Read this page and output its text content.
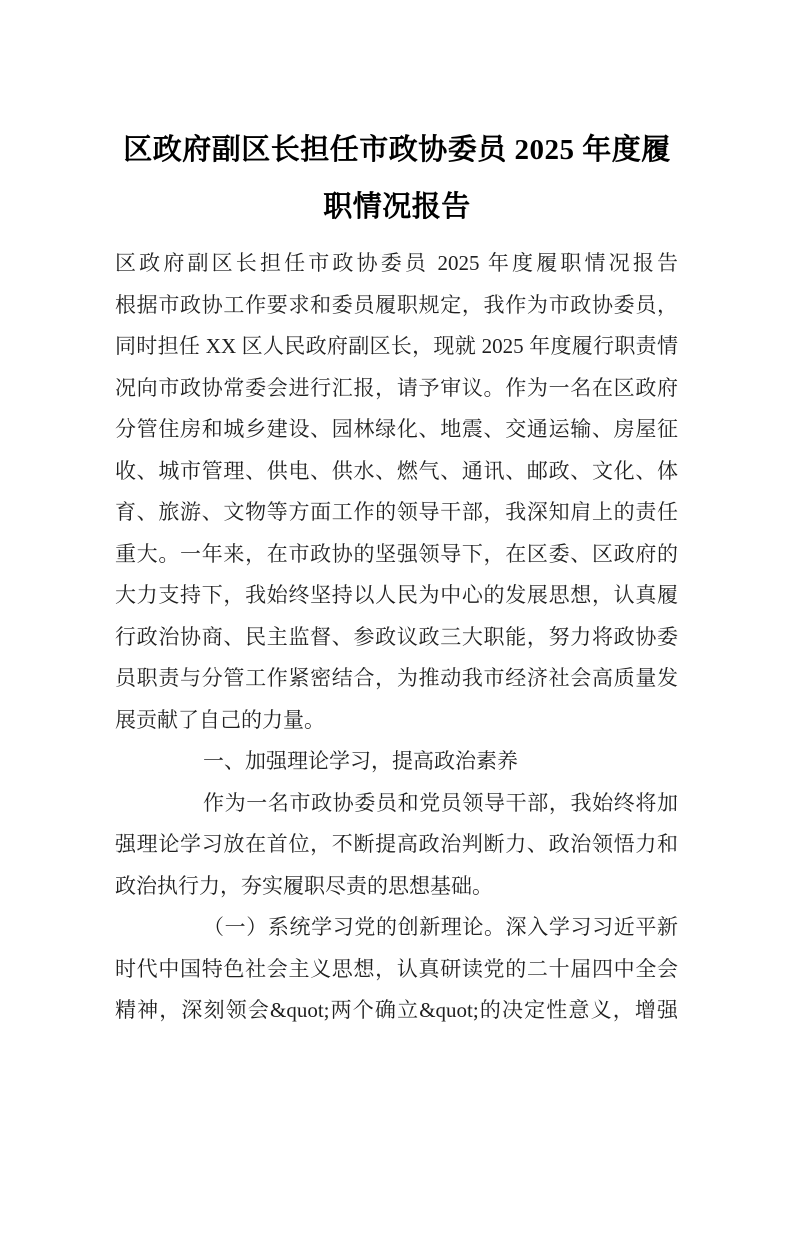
区政府副区长担任市政协委员 2025 年度履职情况报告
区政府副区长担任市政协委员 2025 年度履职情况报告
根据市政协工作要求和委员履职规定，我作为市政协委员，
同时担任 XX 区人民政府副区长，现就 2025 年度履行职责情
况向市政协常委会进行汇报，请予审议。作为一名在区政府
分管住房和城乡建设、园林绿化、地震、交通运输、房屋征
收、城市管理、供电、供水、燃气、通讯、邮政、文化、体
育、旅游、文物等方面工作的领导干部，我深知肩上的责任
重大。一年来，在市政协的坚强领导下，在区委、区政府的
大力支持下，我始终坚持以人民为中心的发展思想，认真履
行政治协商、民主监督、参政议政三大职能，努力将政协委
员职责与分管工作紧密结合，为推动我市经济社会高质量发
展贡献了自己的力量。
一、加强理论学习，提高政治素养
作为一名市政协委员和党员领导干部，我始终将加
强理论学习放在首位，不断提高政治判断力、政治领悟力和
政治执行力，夯实履职尽责的思想基础。
（一）系统学习党的创新理论。深入学习习近平新
时代中国特色社会主义思想，认真研读党的二十届四中全会
精神，深刻领会&quot;两个确立&quot;的决定性意义，增强
